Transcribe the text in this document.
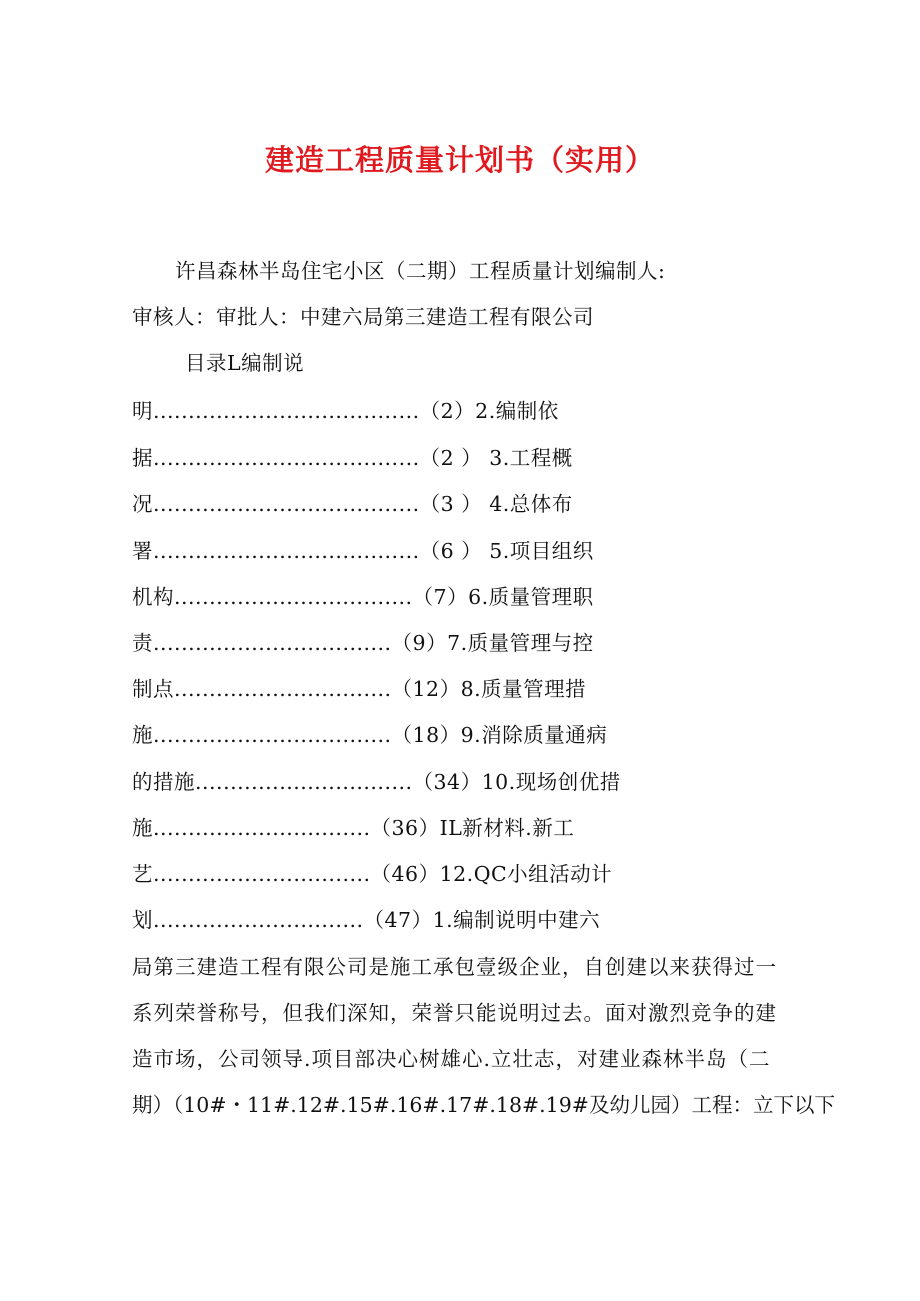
建造工程质量计划书（实用）
许昌森林半岛住宅小区（二期）工程质量计划编制人:
审核人：审批人：中建六局第三建造工程有限公司
目录L编制说
明......................................（2）2.编制依
据......................................（2 ） 3.工程概
况......................................（3 ） 4.总体布
署......................................（6 ） 5.项目组织
机构..................................（7）6.质量管理职
责..................................（9）7.质量管理与控
制点...............................（12）8.质量管理措
施..................................（18）9.消除质量通病
的措施...............................（34）10.现场创优措
施...............................（36）IL新材料.新工
艺...............................（46）12.QC小组活动计
划..............................（47）1.编制说明中建六
局第三建造工程有限公司是施工承包壹级企业，自创建以来获得过一
系列荣誉称号，但我们深知，荣誉只能说明过去。面对激烈竞争的建
造市场，公司领导.项目部决心树雄心.立壮志，对建业森林半岛（二
期）（10#・11#.12#.15#.16#.17#.18#.19#及幼儿园）工程：立下以下
